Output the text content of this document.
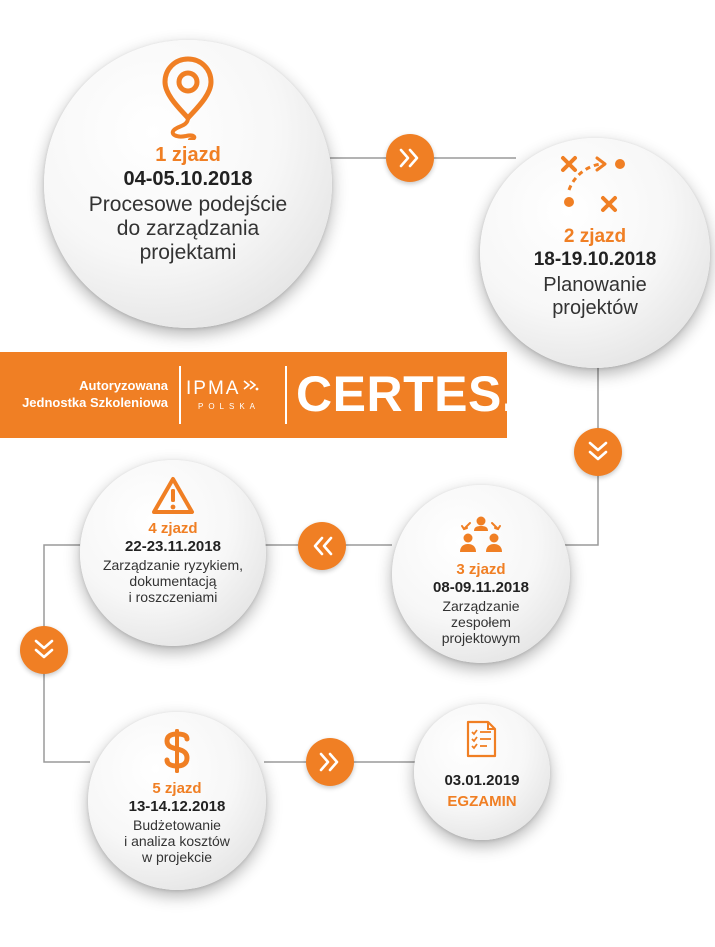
1 zjazd
04-05.10.2018
Procesowe podejście
do zarządzania
projektami
2 zjazd
18-19.10.2018
Planowanie
projektów
3 zjazd
08-09.11.2018
Zarządzanie
zespołem
projektowym
4 zjazd
22-23.11.2018
Zarządzanie ryzykiem,
dokumentacją
i roszczeniami
5 zjazd
13-14.12.2018
Budżetowanie
i analiza kosztów
w projekcie
03.01.2019
EGZAMIN
Autoryzowana
Jednostka Szkoleniowa
IPMA
POLSKA CERTES.
